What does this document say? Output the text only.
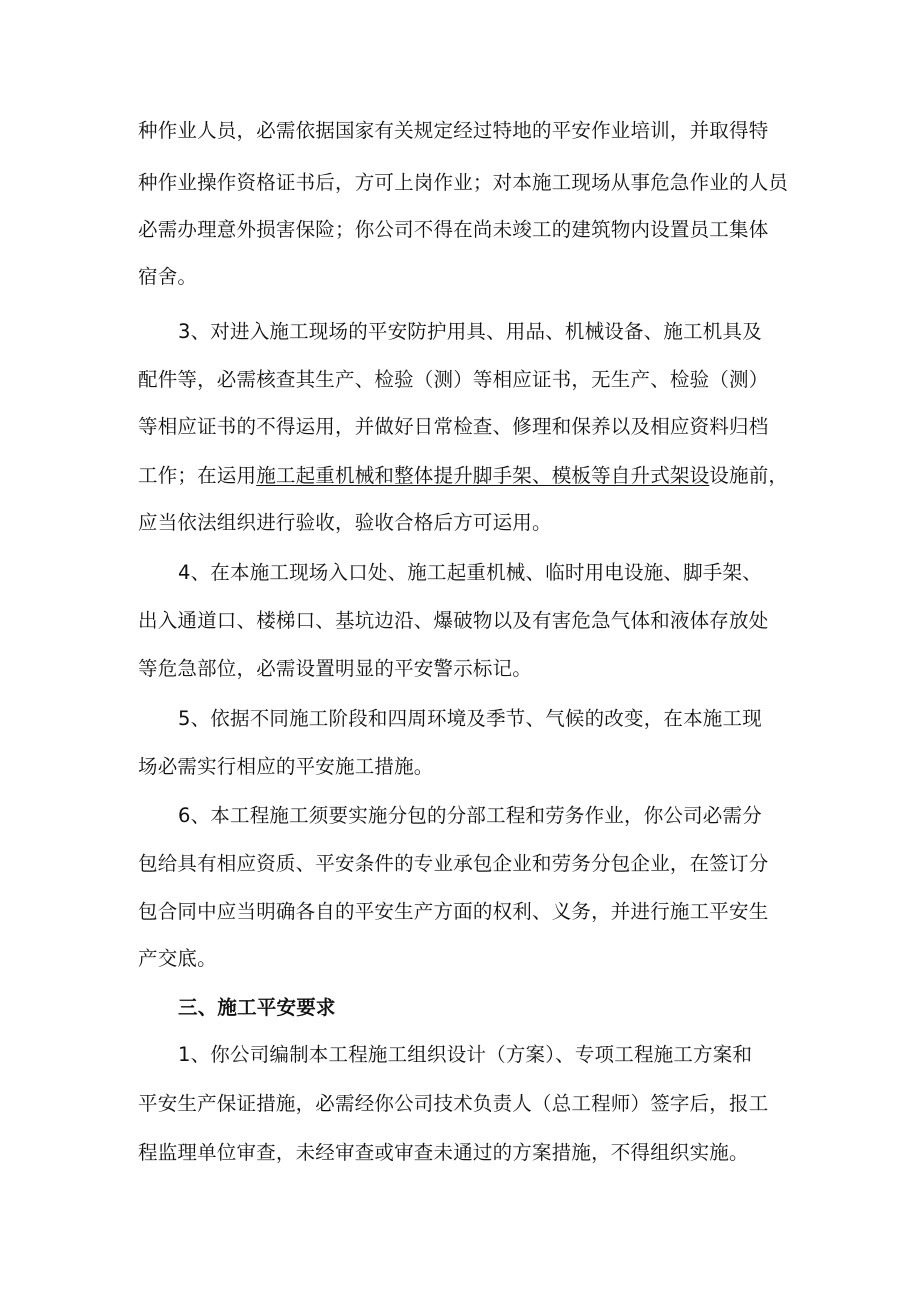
种作业人员，必需依据国家有关规定经过特地的平安作业培训，并取得特
种作业操作资格证书后，方可上岗作业；对本施工现场从事危急作业的人员
必需办理意外损害保险；你公司不得在尚未竣工的建筑物内设置员工集体
宿舍。
3、对进入施工现场的平安防护用具、用品、机械设备、施工机具及
配件等，必需核查其生产、检验（测）等相应证书，无生产、检验（测）
等相应证书的不得运用，并做好日常检查、修理和保养以及相应资料归档
工作；在运用施工起重机械和整体提升脚手架、模板等自升式架设设施前，
应当依法组织进行验收，验收合格后方可运用。
4、在本施工现场入口处、施工起重机械、临时用电设施、脚手架、
出入通道口、楼梯口、基坑边沿、爆破物以及有害危急气体和液体存放处
等危急部位，必需设置明显的平安警示标记。
5、依据不同施工阶段和四周环境及季节、气候的改变，在本施工现
场必需实行相应的平安施工措施。
6、本工程施工须要实施分包的分部工程和劳务作业，你公司必需分
包给具有相应资质、平安条件的专业承包企业和劳务分包企业，在签订分
包合同中应当明确各自的平安生产方面的权利、义务，并进行施工平安生
产交底。
三、施工平安要求
1、你公司编制本工程施工组织设计（方案）、专项工程施工方案和
平安生产保证措施，必需经你公司技术负责人（总工程师）签字后，报工
程监理单位审查，未经审查或审查未通过的方案措施，不得组织实施。
